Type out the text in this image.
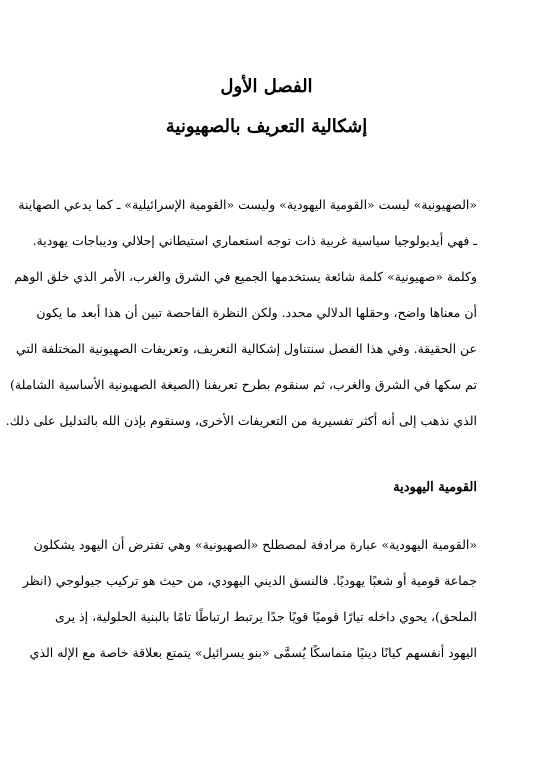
الفصل الأول
إشكالية التعريف بالصهيونية
«الصهيونية» ليست «القومية اليهودية» وليست «القومية الإسرائيلية» ـ كما يدعي الصهاينة
ـ فهي أيديولوجيا سياسية غربية ذات توجه استعماري استيطاني إحلالي وديباجات يهودية.
وكلمة «صهيونية» كلمة شائعة يستخدمها الجميع في الشرق والغرب، الأمر الذي خلق الوهم
أن معناها واضح، وحقلها الدلالي محدد. ولكن النظرة الفاحصة تبين أن هذا أبعد ما يكون
عن الحقيقة. وفي هذا الفصل سنتناول إشكالية التعريف، وتعريفات الصهيونية المختلفة التي
تم سكها في الشرق والغرب، ثم سنقوم بطرح تعريفنا (الصيغة الصهيونية الأساسية الشاملة)
الذي نذهب إلى أنه أكثر تفسيرية من التعريفات الأخرى، وسنقوم بإذن الله بالتدليل على ذلك.
القومية اليهودية
«القومية اليهودية» عبارة مرادفة لمصطلح «الصهيونية» وهي تفترض أن اليهود يشكلون
جماعة قومية أو شعبًا يهوديًا. فالنسق الديني اليهودي، من حيث هو تركيب جيولوجي (انظر
الملحق)، يحوي داخله تيارًا قوميًا قويًا جدًا يرتبط ارتباطًا تامًا بالبنية الحلولية، إذ يرى
اليهود أنفسهم كيانًا دينيًا متماسكًا يُسمَّى «بنو يسرائيل» يتمتع بعلاقة خاصة مع الإله الذي
